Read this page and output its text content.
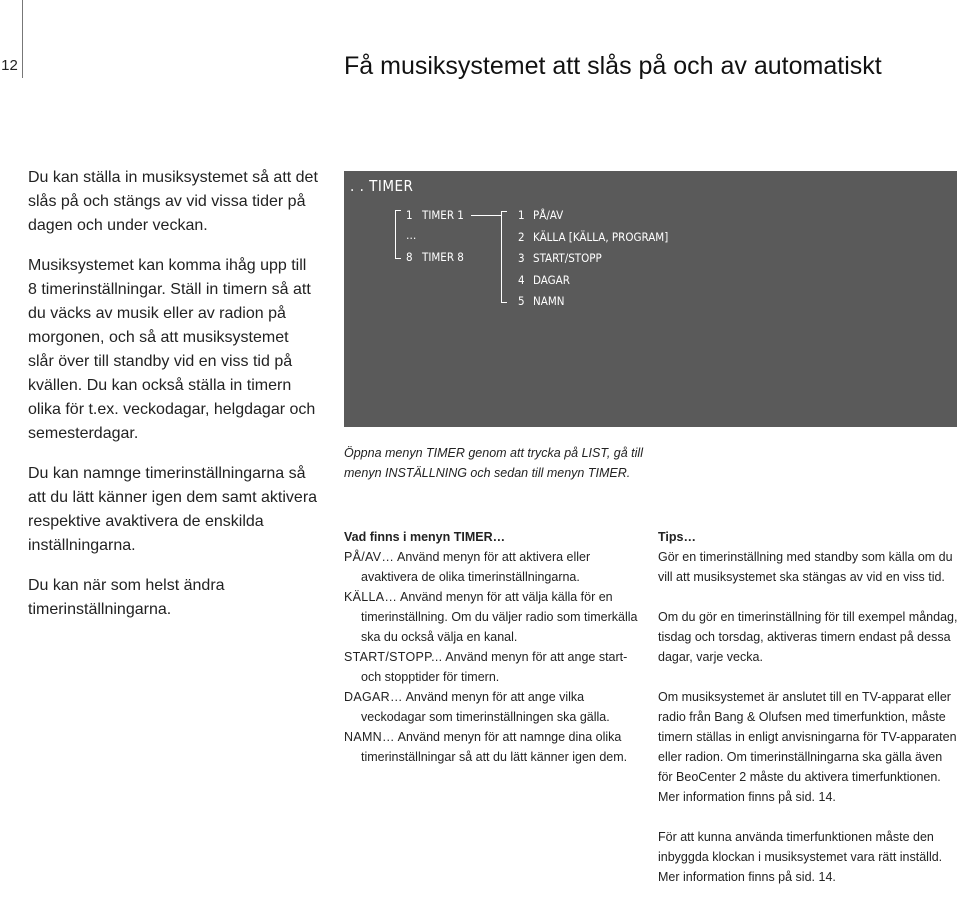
12	Få musiksystemet att slås på och av automatiskt

Du kan ställa in musiksystemet så att det slås på och stängs av vid vissa tider på dagen och under veckan.

Musiksystemet kan komma ihåg upp till 8 timerinställningar. Ställ in timern så att du väcks av musik eller av radion på morgonen, och så att musiksystemet slår över till standby vid en viss tid på kvällen. Du kan också ställa in timern olika för t.ex. veckodagar, helgdagar och semesterdagar.

Du kan namnge timerinställningarna så att du lätt känner igen dem samt aktivera respektive avaktivera de enskilda inställningarna.

Du kan när som helst ändra timerinställningarna.

. . TIMER
1 TIMER 1
…
8 TIMER 8
1 PÅ/AV
2 KÄLLA [KÄLLA, PROGRAM]
3 START/STOPP
4 DAGAR
5 NAMN

Öppna menyn TIMER genom att trycka på LIST, gå till menyn INSTÄLLNING och sedan till menyn TIMER.

Vad finns i menyn TIMER…

PÅ/AV… Använd menyn för att aktivera eller avaktivera de olika timerinställningarna.

KÄLLA… Använd menyn för att välja källa för en timerinställning. Om du väljer radio som timerkälla ska du också välja en kanal.

START/STOPP... Använd menyn för att ange start- och stopptider för timern.

DAGAR… Använd menyn för att ange vilka veckodagar som timerinställningen ska gälla.

NAMN… Använd menyn för att namnge dina olika timerinställningar så att du lätt känner igen dem.

Tips…

Gör en timerinställning med standby som källa om du vill att musiksystemet ska stängas av vid en viss tid.

Om du gör en timerinställning för till exempel måndag, tisdag och torsdag, aktiveras timern endast på dessa dagar, varje vecka.

Om musiksystemet är anslutet till en TV-apparat eller radio från Bang & Olufsen med timerfunktion, måste timern ställas in enligt anvisningarna för TV-apparaten eller radion. Om timerinställningarna ska gälla även för BeoCenter 2 måste du aktivera timerfunktionen. Mer information finns på sid. 14.

För att kunna använda timerfunktionen måste den inbyggda klockan i musiksystemet vara rätt inställd. Mer information finns på sid. 14.
